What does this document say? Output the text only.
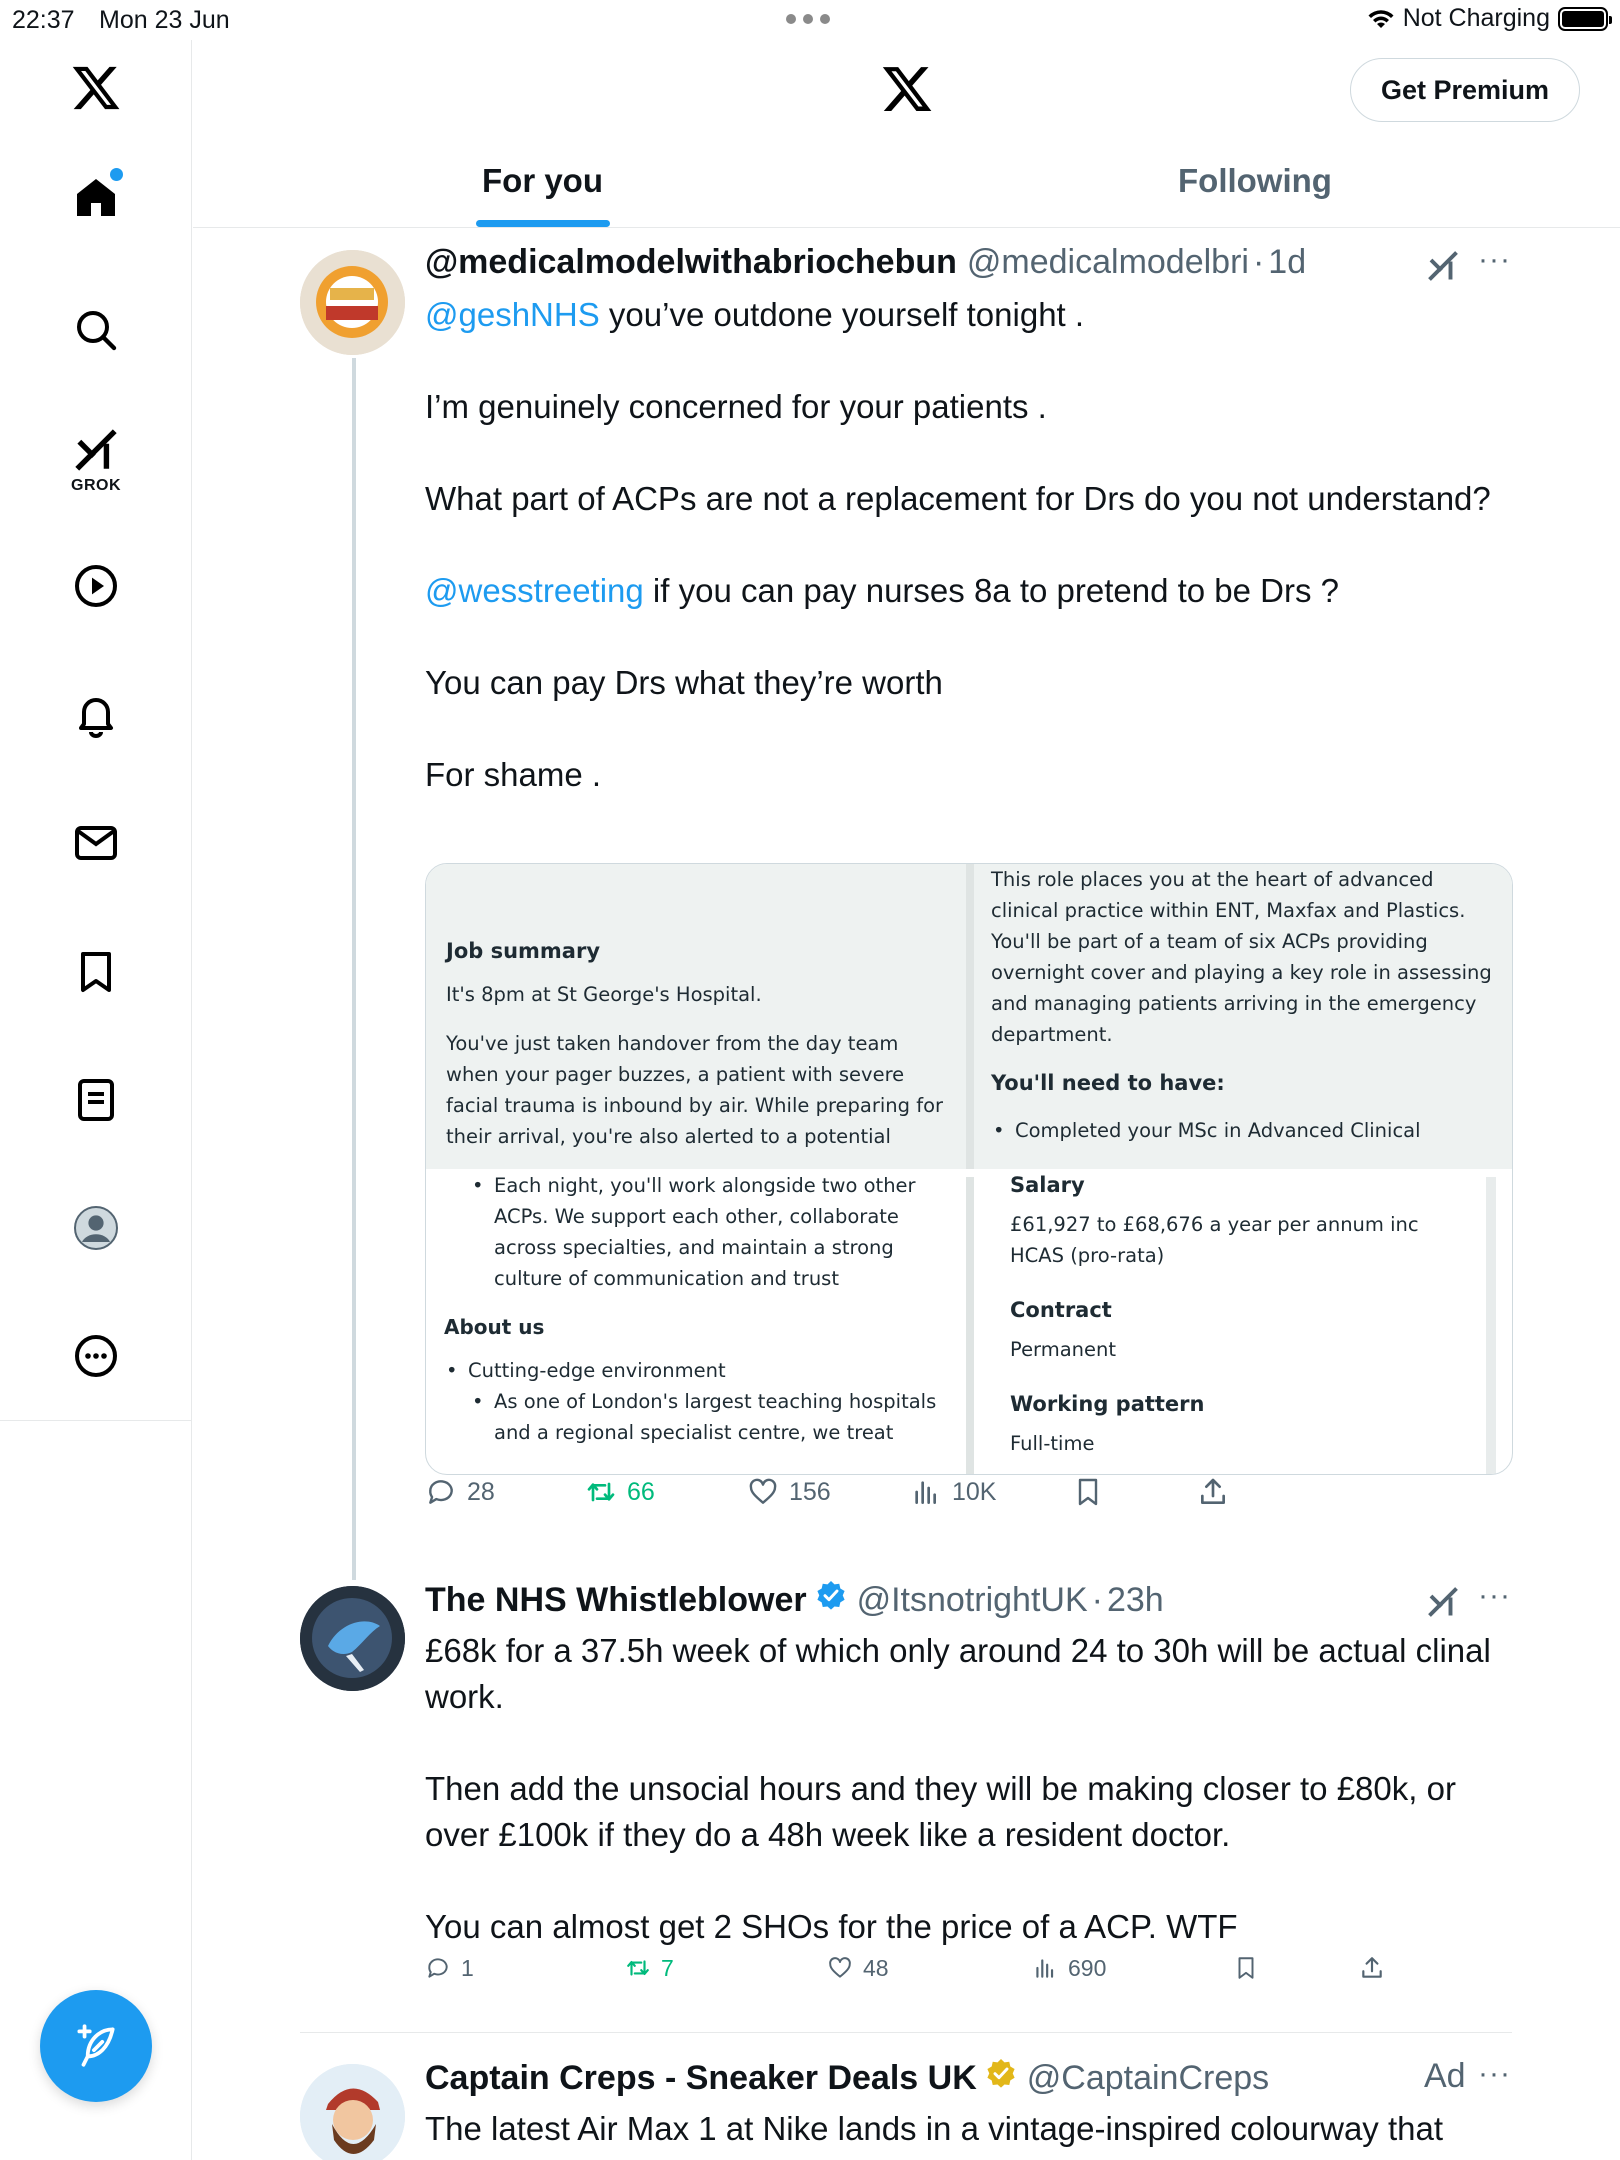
22:37 Mon 23 Jun	Not Charging
GROK
Get Premium
For you	Following
@medicalmodelwithabriochebun @medicalmodelbri · 1d	···

@geshNHS you’ve outdone yourself tonight .

I’m genuinely concerned for your patients .

What part of ACPs are not a replacement for Drs do you not understand?

@wesstreeting if you can pay nurses 8a to pretend to be Drs ?

You can pay Drs what they’re worth

For shame .

Job summary
It's 8pm at St George's Hospital.
You've just taken handover from the day team when your pager buzzes, a patient with severe facial trauma is inbound by air. While preparing for their arrival, you're also alerted to a potential
This role places you at the heart of advanced clinical practice within ENT, Maxfax and Plastics. You'll be part of a team of six ACPs providing overnight cover and playing a key role in assessing and managing patients arriving in the emergency department.
You'll need to have:
• Completed your MSc in Advanced Clinical
• Each night, you'll work alongside two other ACPs. We support each other, collaborate across specialties, and maintain a strong culture of communication and trust
About us
• Cutting-edge environment
• As one of London's largest teaching hospitals and a regional specialist centre, we treat
Salary
£61,927 to £68,676 a year per annum inc HCAS (pro-rata)
Contract
Permanent
Working pattern
Full-time
28	66	156	10K
The NHS Whistleblower @ItsnotrightUK · 23h	···

£68k for a 37.5h week of which only around 24 to 30h will be actual clinal work.

Then add the unsocial hours and they will be making closer to £80k, or over £100k if they do a 48h week like a resident doctor.

You can almost get 2 SHOs for the price of a ACP. WTF

1	7	48	690
Captain Creps - Sneaker Deals UK @CaptainCreps	Ad ···

The latest Air Max 1 at Nike lands in a vintage-inspired colourway that
